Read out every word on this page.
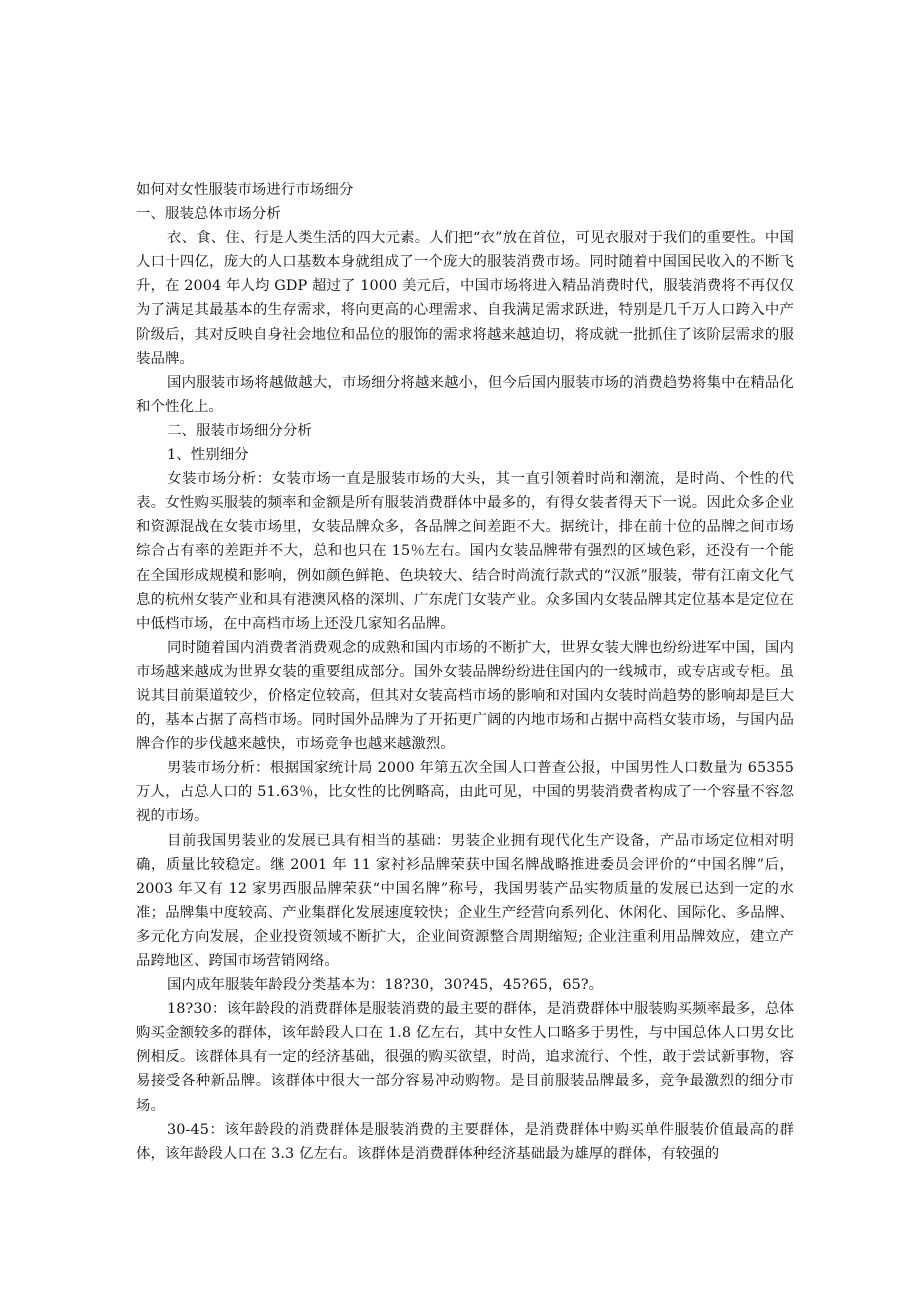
如何对女性服装市场进行市场细分

一、服装总体市场分析

衣、食、住、行是人类生活的四大元素。人们把“衣”放在首位，可见衣服对于我们的重要性。中国人口十四亿，庞大的人口基数本身就组成了一个庞大的服装消费市场。同时随着中国国民收入的不断飞升，在 2004 年人均 GDP 超过了 1000 美元后，中国市场将进入精品消费时代，服装消费将不再仅仅为了满足其最基本的生存需求，将向更高的心理需求、自我满足需求跃进，特别是几千万人口跨入中产阶级后，其对反映自身社会地位和品位的服饰的需求将越来越迫切，将成就一批抓住了该阶层需求的服装品牌。

国内服装市场将越做越大，市场细分将越来越小，但今后国内服装市场的消费趋势将集中在精品化和个性化上。

二、服装市场细分分析

1、性别细分

女装市场分析：女装市场一直是服装市场的大头，其一直引领着时尚和潮流，是时尚、个性的代表。女性购买服装的频率和金额是所有服装消费群体中最多的，有得女装者得天下一说。因此众多企业和资源混战在女装市场里，女装品牌众多，各品牌之间差距不大。据统计，排在前十位的品牌之间市场综合占有率的差距并不大，总和也只在 15％左右。国内女装品牌带有强烈的区域色彩，还没有一个能在全国形成规模和影响，例如颜色鲜艳、色块较大、结合时尚流行款式的“汉派”服装，带有江南文化气息的杭州女装产业和具有港澳风格的深圳、广东虎门女装产业。众多国内女装品牌其定位基本是定位在中低档市场，在中高档市场上还没几家知名品牌。

同时随着国内消费者消费观念的成熟和国内市场的不断扩大，世界女装大牌也纷纷进军中国，国内市场越来越成为世界女装的重要组成部分。国外女装品牌纷纷进住国内的一线城市，或专店或专柜。虽说其目前渠道较少，价格定位较高，但其对女装高档市场的影响和对国内女装时尚趋势的影响却是巨大的，基本占据了高档市场。同时国外品牌为了开拓更广阔的内地市场和占据中高档女装市场，与国内品牌合作的步伐越来越快，市场竞争也越来越激烈。

男装市场分析：根据国家统计局 2000 年第五次全国人口普查公报，中国男性人口数量为 65355 万人，占总人口的 51.63％，比女性的比例略高，由此可见，中国的男装消费者构成了一个容量不容忽视的市场。

目前我国男装业的发展已具有相当的基础：男装企业拥有现代化生产设备，产品市场定位相对明确，质量比较稳定。继 2001 年 11 家衬衫品牌荣获中国名牌战略推进委员会评价的“中国名牌”后，2003 年又有 12 家男西服品牌荣获“中国名牌”称号，我国男装产品实物质量的发展已达到一定的水准；品牌集中度较高、产业集群化发展速度较快；企业生产经营向系列化、休闲化、国际化、多品牌、多元化方向发展，企业投资领域不断扩大，企业间资源整合周期缩短; 企业注重利用品牌效应，建立产品跨地区、跨国市场营销网络。

国内成年服装年龄段分类基本为：18?30，30?45，45?65，65?。

18?30：该年龄段的消费群体是服装消费的最主要的群体，是消费群体中服装购买频率最多，总体购买金额较多的群体，该年龄段人口在 1.8 亿左右，其中女性人口略多于男性，与中国总体人口男女比例相反。该群体具有一定的经济基础，很强的购买欲望，时尚，追求流行、个性，敢于尝试新事物，容易接受各种新品牌。该群体中很大一部分容易冲动购物。是目前服装品牌最多，竞争最激烈的细分市场。

30-45：该年龄段的消费群体是服装消费的主要群体，是消费群体中购买单件服装价值最高的群体，该年龄段人口在 3.3 亿左右。该群体是消费群体种经济基础最为雄厚的群体，有较强的
